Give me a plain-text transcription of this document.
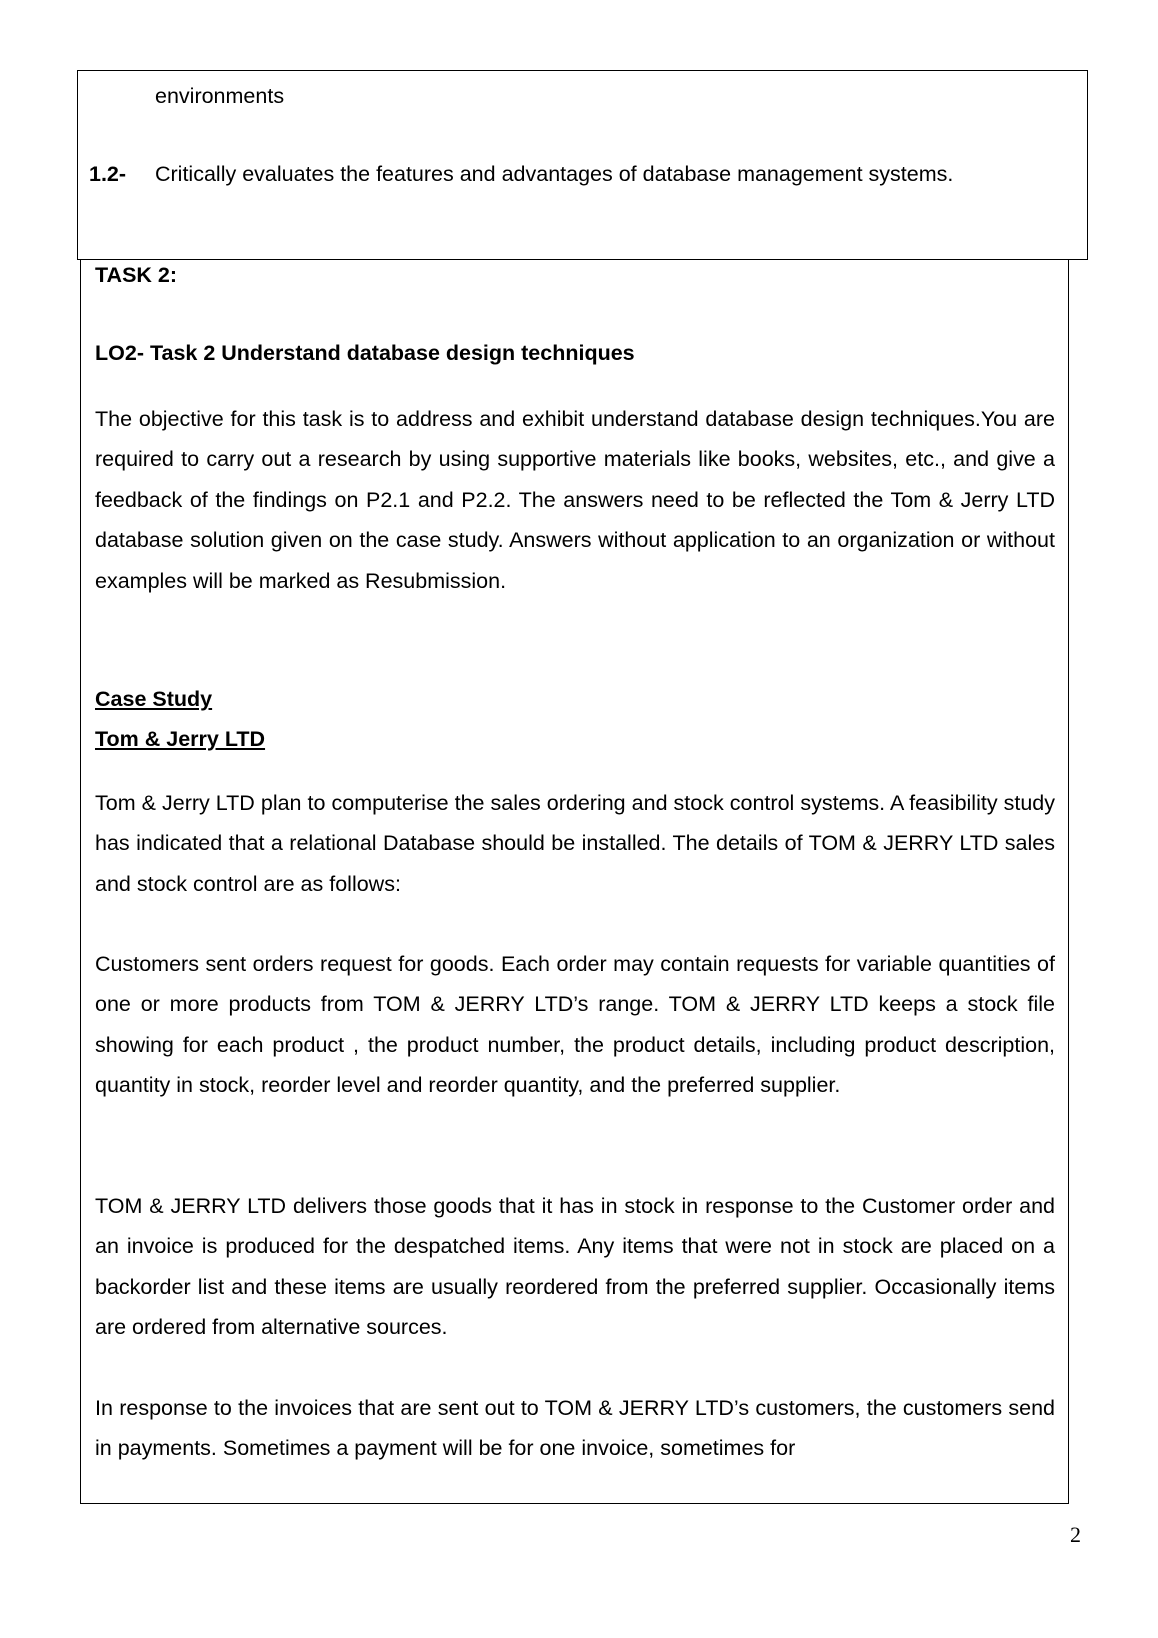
environments
1.2- Critically evaluates the features and advantages of database management systems.
TASK 2:
LO2- Task 2 Understand database design techniques

The objective for this task is to address and exhibit understand database design techniques.You are required to carry out a research by using supportive materials like books, websites, etc., and give a feedback of the findings on P2.1 and P2.2. The answers need to be reflected the Tom & Jerry LTD database solution given on the case study. Answers without application to an organization or without examples will be marked as Resubmission.

Case Study
Tom & Jerry LTD

Tom & Jerry LTD plan to computerise the sales ordering and stock control systems. A feasibility study has indicated that a relational Database should be installed. The details of TOM & JERRY LTD sales and stock control are as follows:

Customers sent orders request for goods. Each order may contain requests for variable quantities of one or more products from TOM & JERRY LTD’s range. TOM & JERRY LTD keeps a stock file showing for each product , the product number, the product details, including product description, quantity in stock, reorder level and reorder quantity, and the preferred supplier.

TOM & JERRY LTD delivers those goods that it has in stock in response to the Customer order and an invoice is produced for the despatched items. Any items that were not in stock are placed on a backorder list and these items are usually reordered from the preferred supplier. Occasionally items are ordered from alternative sources.

In response to the invoices that are sent out to TOM & JERRY LTD’s customers, the customers send in payments. Sometimes a payment will be for one invoice, sometimes for

2
